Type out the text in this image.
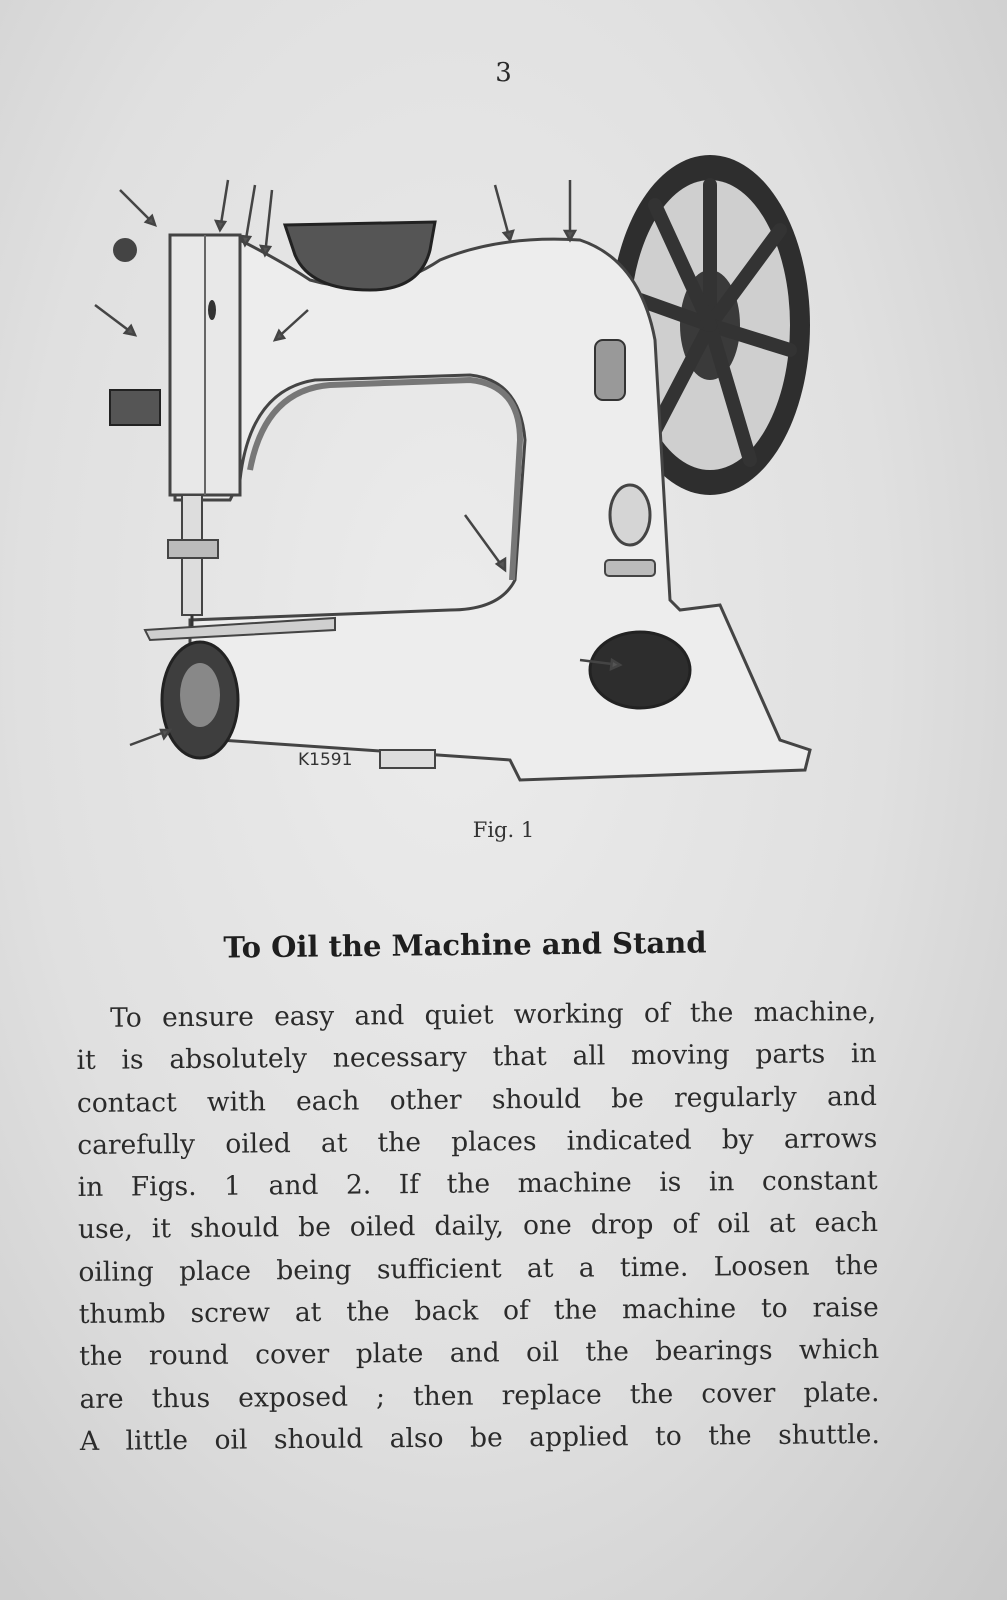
3
K1591
Fig. 1
To Oil the Machine and Stand
To ensure easy and quiet working of the machine,
it is absolutely necessary that all moving parts in
contact with each other should be regularly and
carefully oiled at the places indicated by arrows
in Figs. 1 and 2. If the machine is in constant
use, it should be oiled daily, one drop of oil at each
oiling place being sufficient at a time. Loosen the
thumb screw at the back of the machine to raise
the round cover plate and oil the bearings which
are thus exposed ; then replace the cover plate.
A little oil should also be applied to the shuttle.
